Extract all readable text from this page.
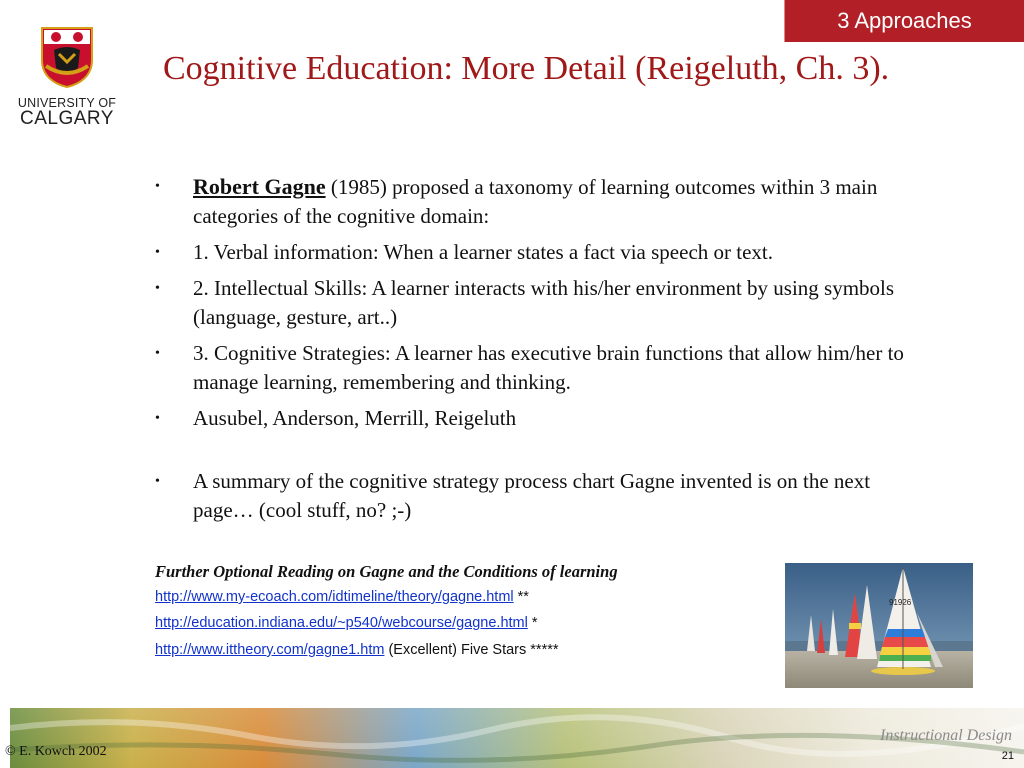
3 Approaches
UNIVERSITY OF
CALGARY
Cognitive Education: More Detail (Reigeluth, Ch. 3).
• Robert Gagne (1985) proposed a taxonomy of learning outcomes within 3 main categories of the cognitive domain:
• 1. Verbal information: When a learner states a fact via speech or text.
• 2. Intellectual Skills: A learner interacts with his/her environment by using symbols (language, gesture, art..)
• 3. Cognitive Strategies: A learner has executive brain functions that allow him/her to manage learning, remembering and thinking.
• Ausubel, Anderson, Merrill, Reigeluth
• A summary of the cognitive strategy process chart Gagne invented is on the next page… (cool stuff, no? ;-)
Further Optional Reading on Gagne and the Conditions of learning
http://www.my-ecoach.com/idtimeline/theory/gagne.html **
http://education.indiana.edu/~p540/webcourse/gagne.html *
http://www.ittheory.com/gagne1.htm (Excellent) Five Stars *****
91926
© E. Kowch 2002
Instructional Design
21
